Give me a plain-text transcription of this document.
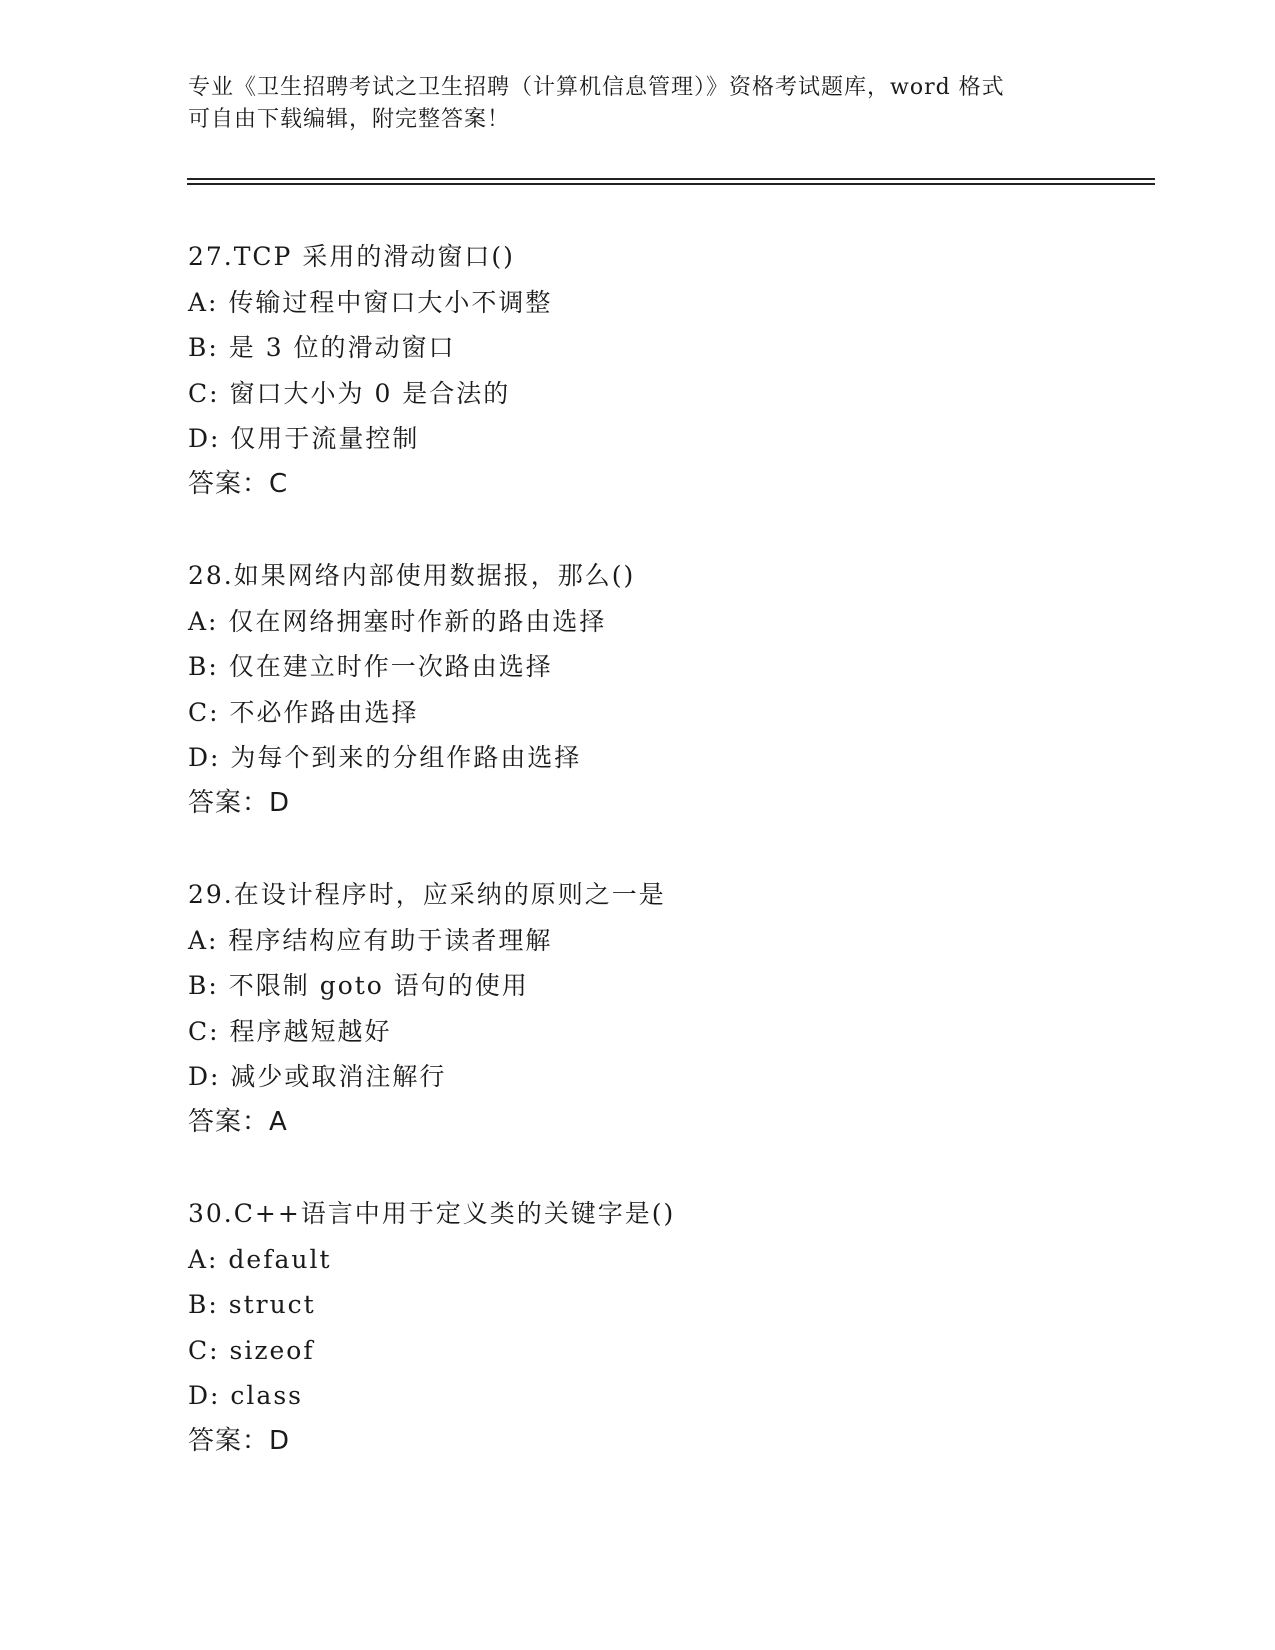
专业《卫生招聘考试之卫生招聘（计算机信息管理）》资格考试题库，word 格式
可自由下载编辑，附完整答案！
27.TCP 采用的滑动窗口()
A: 传输过程中窗口大小不调整
B: 是 3 位的滑动窗口
C: 窗口大小为 0 是合法的
D: 仅用于流量控制
答案：C
28.如果网络内部使用数据报，那么()
A: 仅在网络拥塞时作新的路由选择
B: 仅在建立时作一次路由选择
C: 不必作路由选择
D: 为每个到来的分组作路由选择
答案：D
29.在设计程序时，应采纳的原则之一是
A: 程序结构应有助于读者理解
B: 不限制 goto 语句的使用
C: 程序越短越好
D: 减少或取消注解行
答案：A
30.C++语言中用于定义类的关键字是()
A: default
B: struct
C: sizeof
D: class
答案：D
